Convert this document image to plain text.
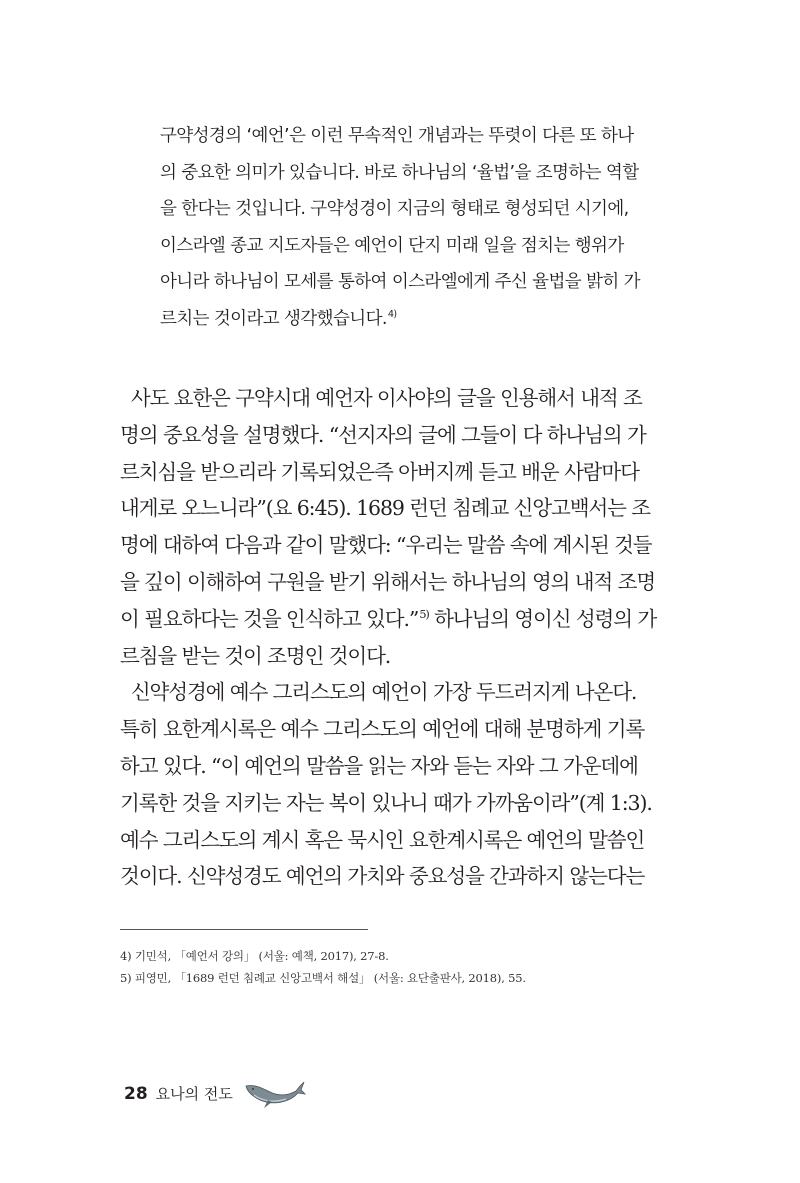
구약성경의 ‘예언’은 이런 무속적인 개념과는 뚜렷이 다른 또 하나
의 중요한 의미가 있습니다. 바로 하나님의 ‘율법’을 조명하는 역할
을 한다는 것입니다. 구약성경이 지금의 형태로 형성되던 시기에,
이스라엘 종교 지도자들은 예언이 단지 미래 일을 점치는 행위가
아니라 하나님이 모세를 통하여 이스라엘에게 주신 율법을 밝히 가
르치는 것이라고 생각했습니다.$^{4)}$
사도 요한은 구약시대 예언자 이사야의 글을 인용해서 내적 조
명의 중요성을 설명했다. “선지자의 글에 그들이 다 하나님의 가
르치심을 받으리라 기록되었은즉 아버지께 듣고 배운 사람마다
내게로 오느니라”(요 6:45). 1689 런던 침례교 신앙고백서는 조
명에 대하여 다음과 같이 말했다: “우리는 말씀 속에 계시된 것들
을 깊이 이해하여 구원을 받기 위해서는 하나님의 영의 내적 조명
이 필요하다는 것을 인식하고 있다.”$^{5)}$ 하나님의 영이신 성령의 가
르침을 받는 것이 조명인 것이다.
신약성경에 예수 그리스도의 예언이 가장 두드러지게 나온다.
특히 요한계시록은 예수 그리스도의 예언에 대해 분명하게 기록
하고 있다. “이 예언의 말씀을 읽는 자와 듣는 자와 그 가운데에
기록한 것을 지키는 자는 복이 있나니 때가 가까움이라”(계 1:3).
예수 그리스도의 계시 혹은 묵시인 요한계시록은 예언의 말씀인
것이다. 신약성경도 예언의 가치와 중요성을 간과하지 않는다는
4) 기민석, 「예언서 강의」 (서울: 예책, 2017), 27-8.
5) 피영민, 「1689 런던 침례교 신앙고백서 해설」 (서울: 요단출판사, 2018), 55.
28 요나의 전도
